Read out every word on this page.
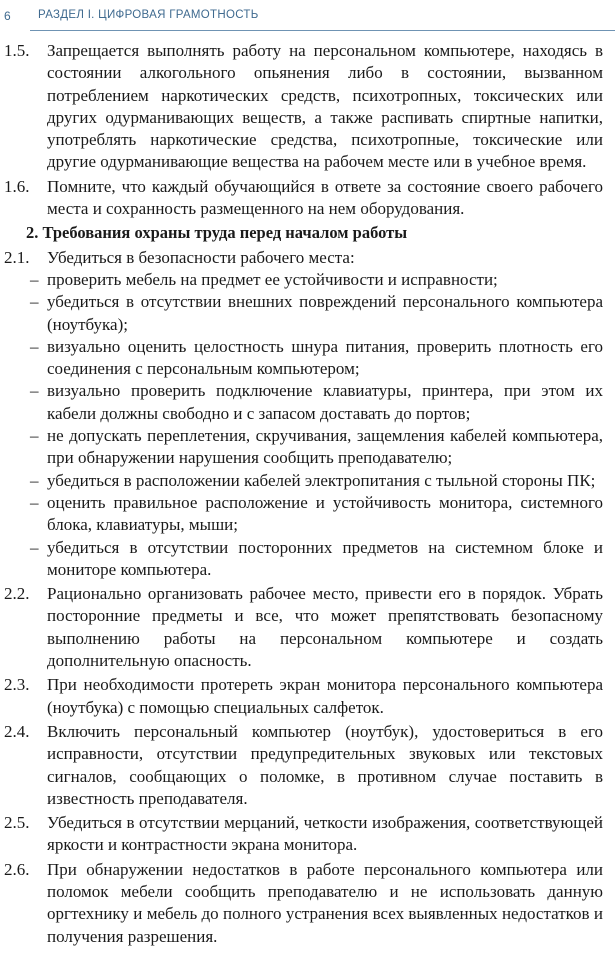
6 РАЗДЕЛ I. ЦИФРОВАЯ ГРАМОТНОСТЬ
1.5. Запрещается выполнять работу на персональном компьютере, находясь в состоянии алкогольного опьянения либо в состоянии, вызванном потреблением наркотических средств, психотропных, токсических или других одурманивающих веществ, а также распивать спиртные напитки, употреблять наркотические средства, психотропные, токсические или другие одурманивающие вещества на рабочем месте или в учебное время.
1.6. Помните, что каждый обучающийся в ответе за состояние своего рабочего места и сохранность размещенного на нем оборудования.
2. Требования охраны труда перед началом работы
2.1. Убедиться в безопасности рабочего места:
– проверить мебель на предмет ее устойчивости и исправности;
– убедиться в отсутствии внешних повреждений персонального компьютера (ноутбука);
– визуально оценить целостность шнура питания, проверить плотность его соединения с персональным компьютером;
– визуально проверить подключение клавиатуры, принтера, при этом их кабели должны свободно и с запасом доставать до портов;
– не допускать переплетения, скручивания, защемления кабелей компьютера, при обнаружении нарушения сообщить преподавателю;
– убедиться в расположении кабелей электропитания с тыльной стороны ПК;
– оценить правильное расположение и устойчивость монитора, системного блока, клавиатуры, мыши;
– убедиться в отсутствии посторонних предметов на системном блоке и мониторе компьютера.
2.2. Рационально организовать рабочее место, привести его в порядок. Убрать посторонние предметы и все, что может препятствовать безопасному выполнению работы на персональном компьютере и создать дополнительную опасность.
2.3. При необходимости протереть экран монитора персонального компьютера (ноутбука) с помощью специальных салфеток.
2.4. Включить персональный компьютер (ноутбук), удостовериться в его исправности, отсутствии предупредительных звуковых или текстовых сигналов, сообщающих о поломке, в противном случае поставить в известность преподавателя.
2.5. Убедиться в отсутствии мерцаний, четкости изображения, соответствующей яркости и контрастности экрана монитора.
2.6. При обнаружении недостатков в работе персонального компьютера или поломок мебели сообщить преподавателю и не использовать данную оргтехнику и мебель до полного устранения всех выявленных недостатков и получения разрешения.
